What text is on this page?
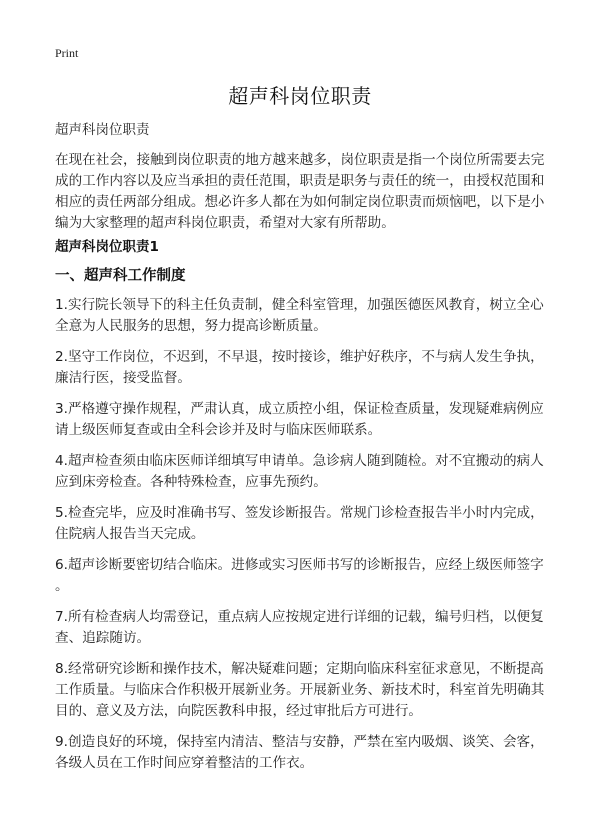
Print
超声科岗位职责
超声科岗位职责
在现在社会，接触到岗位职责的地方越来越多，岗位职责是指一个岗位所需要去完
成的工作内容以及应当承担的责任范围，职责是职务与责任的统一，由授权范围和
相应的责任两部分组成。想必许多人都在为如何制定岗位职责而烦恼吧，以下是小
编为大家整理的超声科岗位职责，希望对大家有所帮助。
超声科岗位职责1
一、超声科工作制度
1.实行院长领导下的科主任负责制，健全科室管理，加强医德医风教育，树立全心
全意为人民服务的思想，努力提高诊断质量。
2.坚守工作岗位，不迟到，不早退，按时接诊，维护好秩序，不与病人发生争执，
廉洁行医，接受监督。
3.严格遵守操作规程，严肃认真，成立质控小组，保证检查质量，发现疑难病例应
请上级医师复查或由全科会诊并及时与临床医师联系。
4.超声检查须由临床医师详细填写申请单。急诊病人随到随检。对不宜搬动的病人
应到床旁检查。各种特殊检查，应事先预约。
5.检查完毕，应及时准确书写、签发诊断报告。常规门诊检查报告半小时内完成，
住院病人报告当天完成。
6.超声诊断要密切结合临床。进修或实习医师书写的诊断报告，应经上级医师签字
。
7.所有检查病人均需登记，重点病人应按规定进行详细的记载，编号归档，以便复
查、追踪随访。
8.经常研究诊断和操作技术，解决疑难问题；定期向临床科室征求意见，不断提高
工作质量。与临床合作积极开展新业务。开展新业务、新技术时，科室首先明确其
目的、意义及方法，向院医教科申报，经过审批后方可进行。
9.创造良好的环境，保持室内清洁、整洁与安静，严禁在室内吸烟、谈笑、会客，
各级人员在工作时间应穿着整洁的工作衣。
